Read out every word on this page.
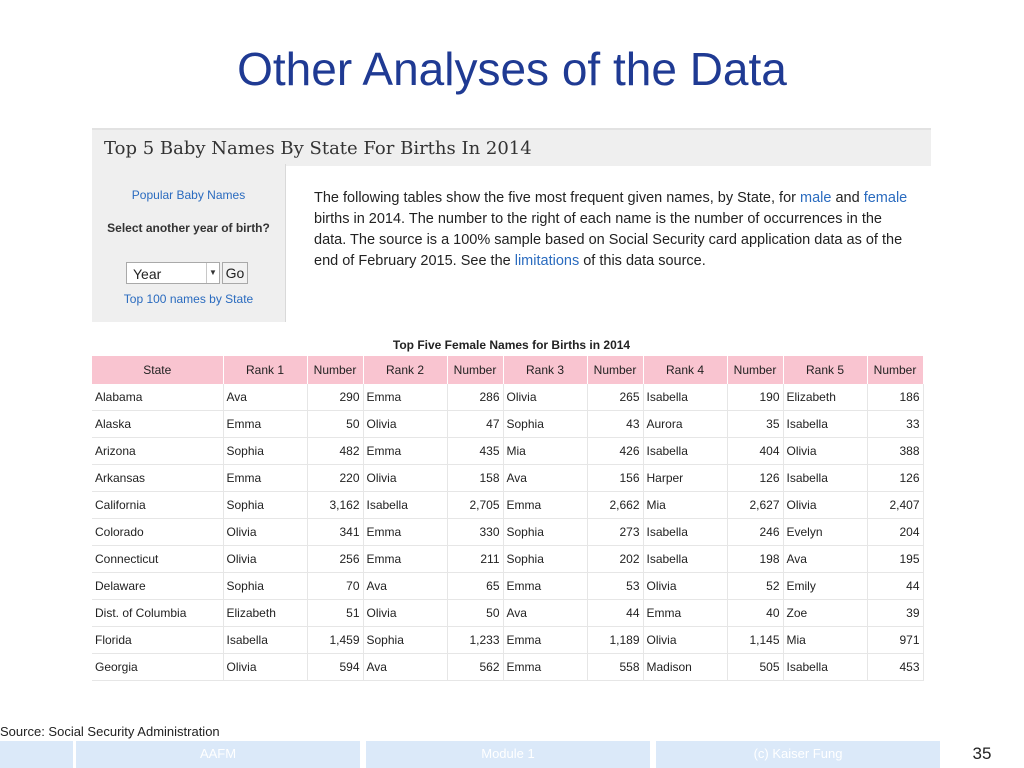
Other Analyses of the Data
Top 5 Baby Names By State For Births In 2014
Popular Baby Names
Select another year of birth?
Year	▼ Go
Top 100 names by State
The following tables show the five most frequent given names, by State, for male and female births in 2014. The number to the right of each name is the number of occurrences in the data. The source is a 100% sample based on Social Security card application data as of the end of February 2015. See the limitations of this data source.
Top Five Female Names for Births in 2014
State	Rank 1	Number	Rank 2	Number	Rank 3	Number	Rank 4	Number	Rank 5	Number
Alabama	Ava	290	Emma	286	Olivia	265	Isabella	190	Elizabeth	186
Alaska	Emma	50	Olivia	47	Sophia	43	Aurora	35	Isabella	33
Arizona	Sophia	482	Emma	435	Mia	426	Isabella	404	Olivia	388
Arkansas	Emma	220	Olivia	158	Ava	156	Harper	126	Isabella	126
California	Sophia	3,162	Isabella	2,705	Emma	2,662	Mia	2,627	Olivia	2,407
Colorado	Olivia	341	Emma	330	Sophia	273	Isabella	246	Evelyn	204
Connecticut	Olivia	256	Emma	211	Sophia	202	Isabella	198	Ava	195
Delaware	Sophia	70	Ava	65	Emma	53	Olivia	52	Emily	44
Dist. of Columbia	Elizabeth	51	Olivia	50	Ava	44	Emma	40	Zoe	39
Florida	Isabella	1,459	Sophia	1,233	Emma	1,189	Olivia	1,145	Mia	971
Georgia	Olivia	594	Ava	562	Emma	558	Madison	505	Isabella	453
Source: Social Security Administration
AAFM	Module 1	(c) Kaiser Fung	35
